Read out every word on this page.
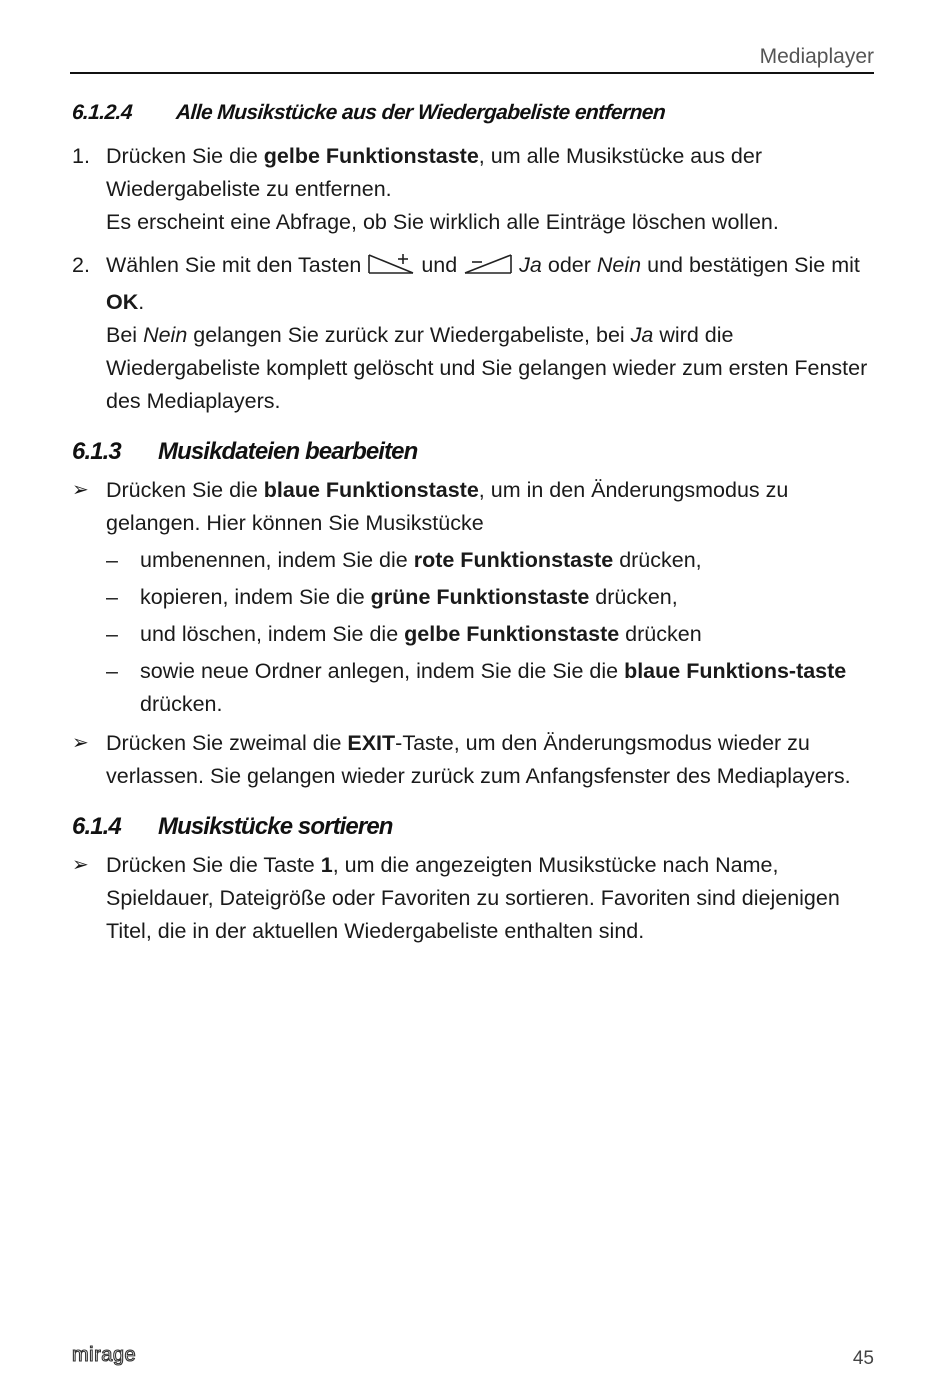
Mediaplayer
6.1.2.4 Alle Musikstücke aus der Wiedergabeliste entfernen
1. Drücken Sie die gelbe Funktionstaste, um alle Musikstücke aus der Wiedergabeliste zu entfernen.
Es erscheint eine Abfrage, ob Sie wirklich alle Einträge löschen wollen.
2. Wählen Sie mit den Tasten	und	Ja oder Nein und bestätigen Sie mit OK.
Bei Nein gelangen Sie zurück zur Wiedergabeliste, bei Ja wird die Wiedergabeliste komplett gelöscht und Sie gelangen wieder zum ersten Fenster des Mediaplayers.
6.1.3 Musikdateien bearbeiten
➢ Drücken Sie die blaue Funktionstaste, um in den Änderungsmodus zu gelangen. Hier können Sie Musikstücke
– umbenennen, indem Sie die rote Funktionstaste drücken,
– kopieren, indem Sie die grüne Funktionstaste drücken,
– und löschen, indem Sie die gelbe Funktionstaste drücken
– sowie neue Ordner anlegen, indem Sie die Sie die blaue Funktions-taste drücken.
➢ Drücken Sie zweimal die EXIT-Taste, um den Änderungsmodus wieder zu verlassen. Sie gelangen wieder zurück zum Anfangsfenster des Mediaplayers.
6.1.4 Musikstücke sortieren
➢ Drücken Sie die Taste 1, um die angezeigten Musikstücke nach Name, Spieldauer, Dateigröße oder Favoriten zu sortieren. Favoriten sind diejenigen Titel, die in der aktuellen Wiedergabeliste enthalten sind.
mirage	45
